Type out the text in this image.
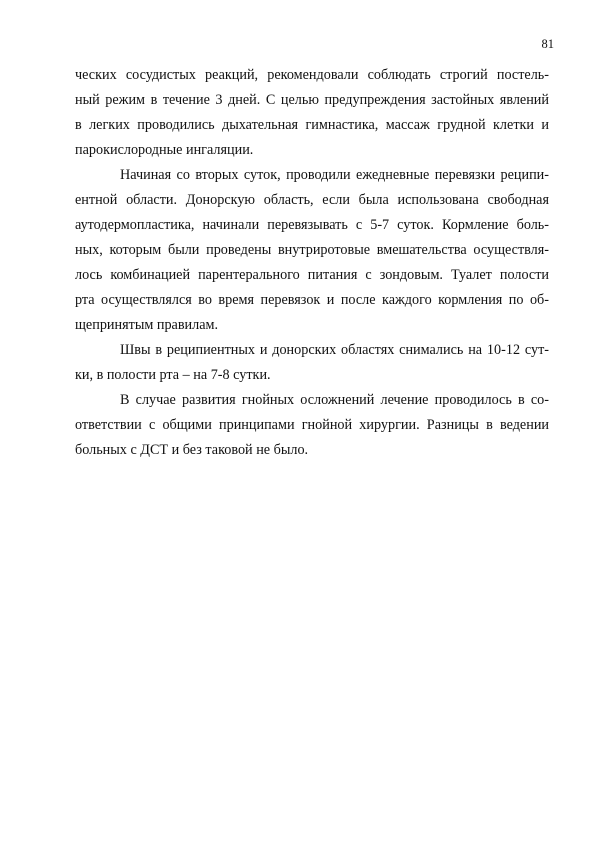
81
ческих сосудистых реакций, рекомендовали соблюдать строгий постель-
ный режим в течение 3 дней. С целью предупреждения застойных явлений
в легких проводились дыхательная гимнастика, массаж грудной клетки и
парокислородные ингаляции.
Начиная со вторых суток, проводили ежедневные перевязки реципи-
ентной области. Донорскую область, если была использована свободная
аутодермопластика, начинали перевязывать с 5-7 суток. Кормление боль-
ных, которым были проведены внутриротовые вмешательства осуществля-
лось комбинацией парентерального питания с зондовым. Туалет полости
рта осуществлялся во время перевязок и после каждого кормления по об-
щепринятым правилам.
Швы в реципиентных и донорских областях снимались на 10-12 сут-
ки, в полости рта – на 7-8 сутки.
В случае развития гнойных осложнений лечение проводилось в со-
ответствии с общими принципами гнойной хирургии. Разницы в ведении
больных с ДСТ и без таковой не было.
